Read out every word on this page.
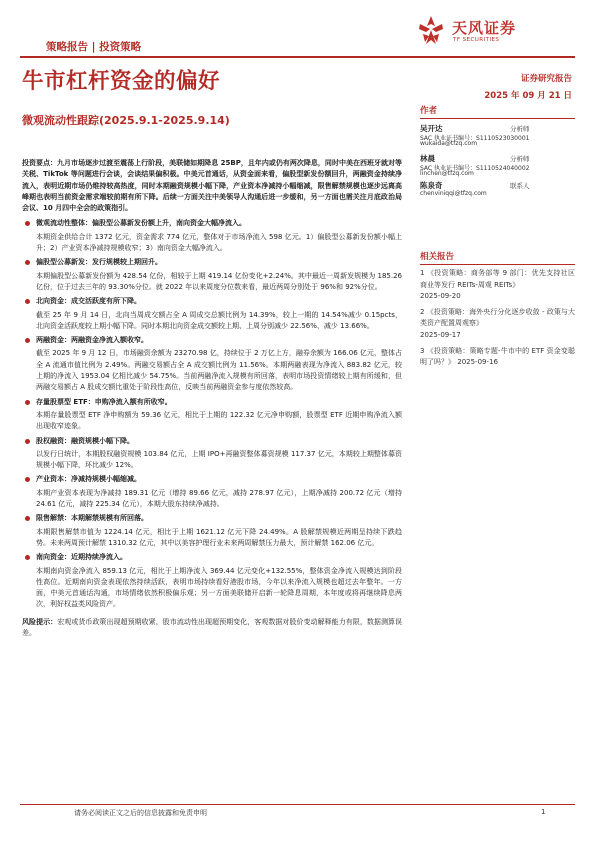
天风证券
TF SECURITIES
策略报告 | 投资策略
牛市杠杆资金的偏好	证券研究报告
2025 年 09 月 21 日
微观流动性跟踪(2025.9.1-2025.9.14)

投资要点：九月市场逐步过渡至震荡上行阶段，美联储如期降息 25BP，且年内或仍有两次降息，同时中美在西班牙就对等关税、TikTok 等问题进行会谈，会谈结果偏积极。中美元首通话，从资金面来看，偏股型新发份额回升，两融资金持续净流入，表明近期市场仍维持较高热度，同时本期融资规模小幅下降，产业资本净减持小幅缩减，限售解禁规模也逐步远离高峰期也表明当前资金需求端较前期有所下降。后续一方面关注中美领导人沟通后进一步缓和，另一方面也需关注月底政治局会议、10 月四中全会的政策指引。

微观流动性整体：偏股型公募新发份额上升，南向资金大幅净流入。
本期资金供给合计 1372 亿元，资金需求 774 亿元，整体对于市场净流入 598 亿元。1）偏股型公募新发份额小幅上升；2）产业资本净减持规模收窄；3）南向资金大幅净流入。
偏股型公募新发：发行规模较上期回升。
本期偏股型公募新发份额为 428.54 亿份，相较于上期 419.14 亿份变化+2.24%。其中最近一周新发规模为 185.26 亿份，位于过去三年的 93.30%分位。就 2022 年以来周度分位数来看，最近两周分别处于 96%和 92%分位。
北向资金：成交活跃度有所下降。
截至 25 年 9 月 14 日，北向当周成交额占全 A 周成交总额比例为 14.39%，较上一期的 14.54%减少 0.15pcts，北向资金活跃度较上期小幅下降。同时本期北向资金成交额较上期、上周分别减少 22.56%、减少 13.66%。
两融资金：两融资金净流入额收窄。
截至 2025 年 9 月 12 日，市场融资余额为 23270.98 亿，持续位于 2 万亿上方，融券余额为 166.06 亿元，整体占全 A 流通市值比例为 2.49%。两融交易额占全 A 成交额比例为 11.56%。本期两融表现为净流入 883.82 亿元，较上期的净流入 1953.04 亿相比减少 54.75%。当前两融净流入规模有所回落，表明市场投资情绪较上期有所缓和，但两融交易额占 A 股成交额比重处于阶段性高位，反映当前两融资金参与度依然较高。
存量股票型 ETF：申购净流入额有所收窄。
本期存量股票型 ETF 净申购额为 59.36 亿元，相比于上期的 122.32 亿元净申购额，股票型 ETF 近期申购净流入额出现收窄迹象。
股权融资：融资规模小幅下降。
以发行日统计，本期股权融资规模 103.84 亿元，上期 IPO+再融资整体募资规模 117.37 亿元，本期较上期整体募资规模小幅下降，环比减少 12%。
产业资本：净减持规模小幅缩减。
本期产业资本表现为净减持 189.31 亿元（增持 89.66 亿元，减持 278.97 亿元），上期净减持 200.72 亿元（增持 24.61 亿元，减持 225.34 亿元），本期大股东持续净减持。
限售解禁：本期解禁规模有所回落。
本期限售解禁市值为 1224.14 亿元，相比于上期 1621.12 亿元下降 24.49%。A 股解禁规模近两期呈持续下跌趋势。未来两周预计解禁 1310.32 亿元，其中以美容护理行业未来两周解禁压力最大，预计解禁 162.06 亿元。
南向资金：近期持续净流入。
本期南向资金净流入 859.13 亿元，相比于上期净流入 369.44 亿元变化+132.55%，整体资金净流入规模达到阶段性高位。近期南向资金表现依然持续活跃，表明市场持续看好港股市场，今年以来净流入规模也超过去年整年。一方面，中美元首通话沟通，市场情绪依然积极偏乐观；另一方面美联储开启新一轮降息周期，本年度或将再继续降息两次，利好权益类风险资产。

风险提示：宏观或货币政策出现超预期收紧，股市流动性出现超预期变化，客观数据对股价变动解释能力有限，数据测算误差。

作者
吴开达	分析师
SAC 执业证书编号：S1110523030001
wukaida@tfzq.com
林晨	分析师
SAC 执业证书编号：S1110524040002
linchen@tfzq.com
陈泉奇	联系人
chenviniqqi@tfzq.com
相关报告
1 《投资策略：商务部等 9 部门：优先支持社区商业等发行 REITs-周观 REITs》
2025-09-20
2 《投资策略：海外央行分化逐步收敛 - 政策与大类资产配置周观察》
2025-09-17
3 《投资策略：策略专题-牛市中的 ETF 资金变聪明了吗？》 2025-09-16
请务必阅读正文之后的信息披露和免责申明	1
